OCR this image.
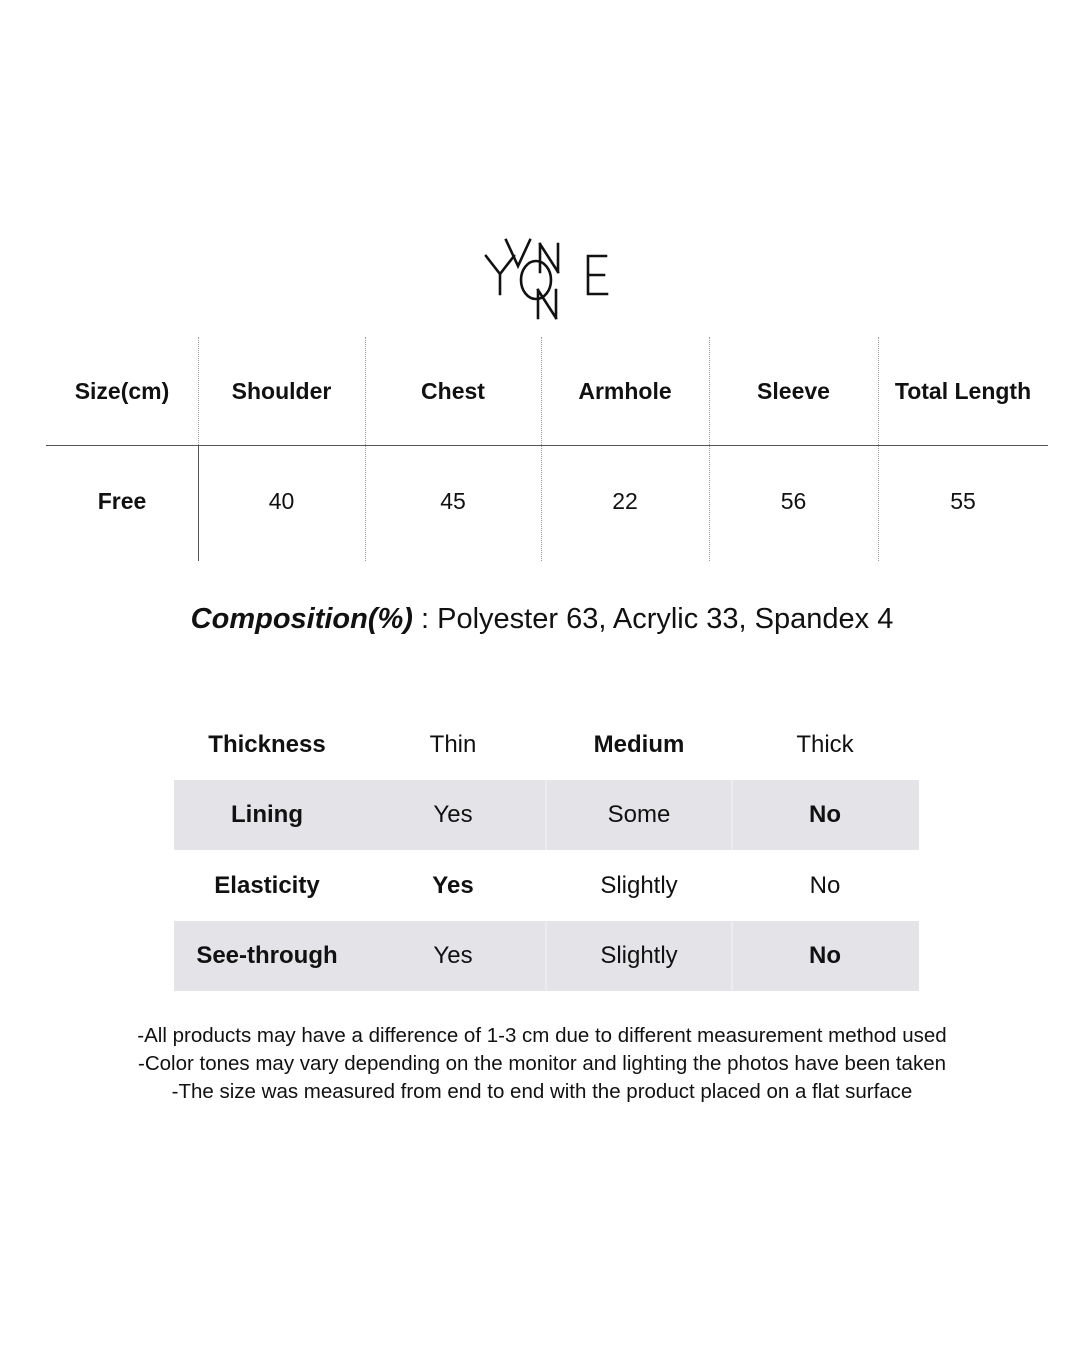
Size(cm)	Shoulder	Chest	Armhole	Sleeve	Total Length
Free	40	45	22	56	55
Composition(%) : Polyester 63, Acrylic 33, Spandex 4
Thickness	Thin	Medium	Thick
Lining	Yes	Some	No
Elasticity	Yes	Slightly	No
See-through	Yes	Slightly	No
-All products may have a difference of 1-3 cm due to different measurement method used
-Color tones may vary depending on the monitor and lighting the photos have been taken
-The size was measured from end to end with the product placed on a flat surface
